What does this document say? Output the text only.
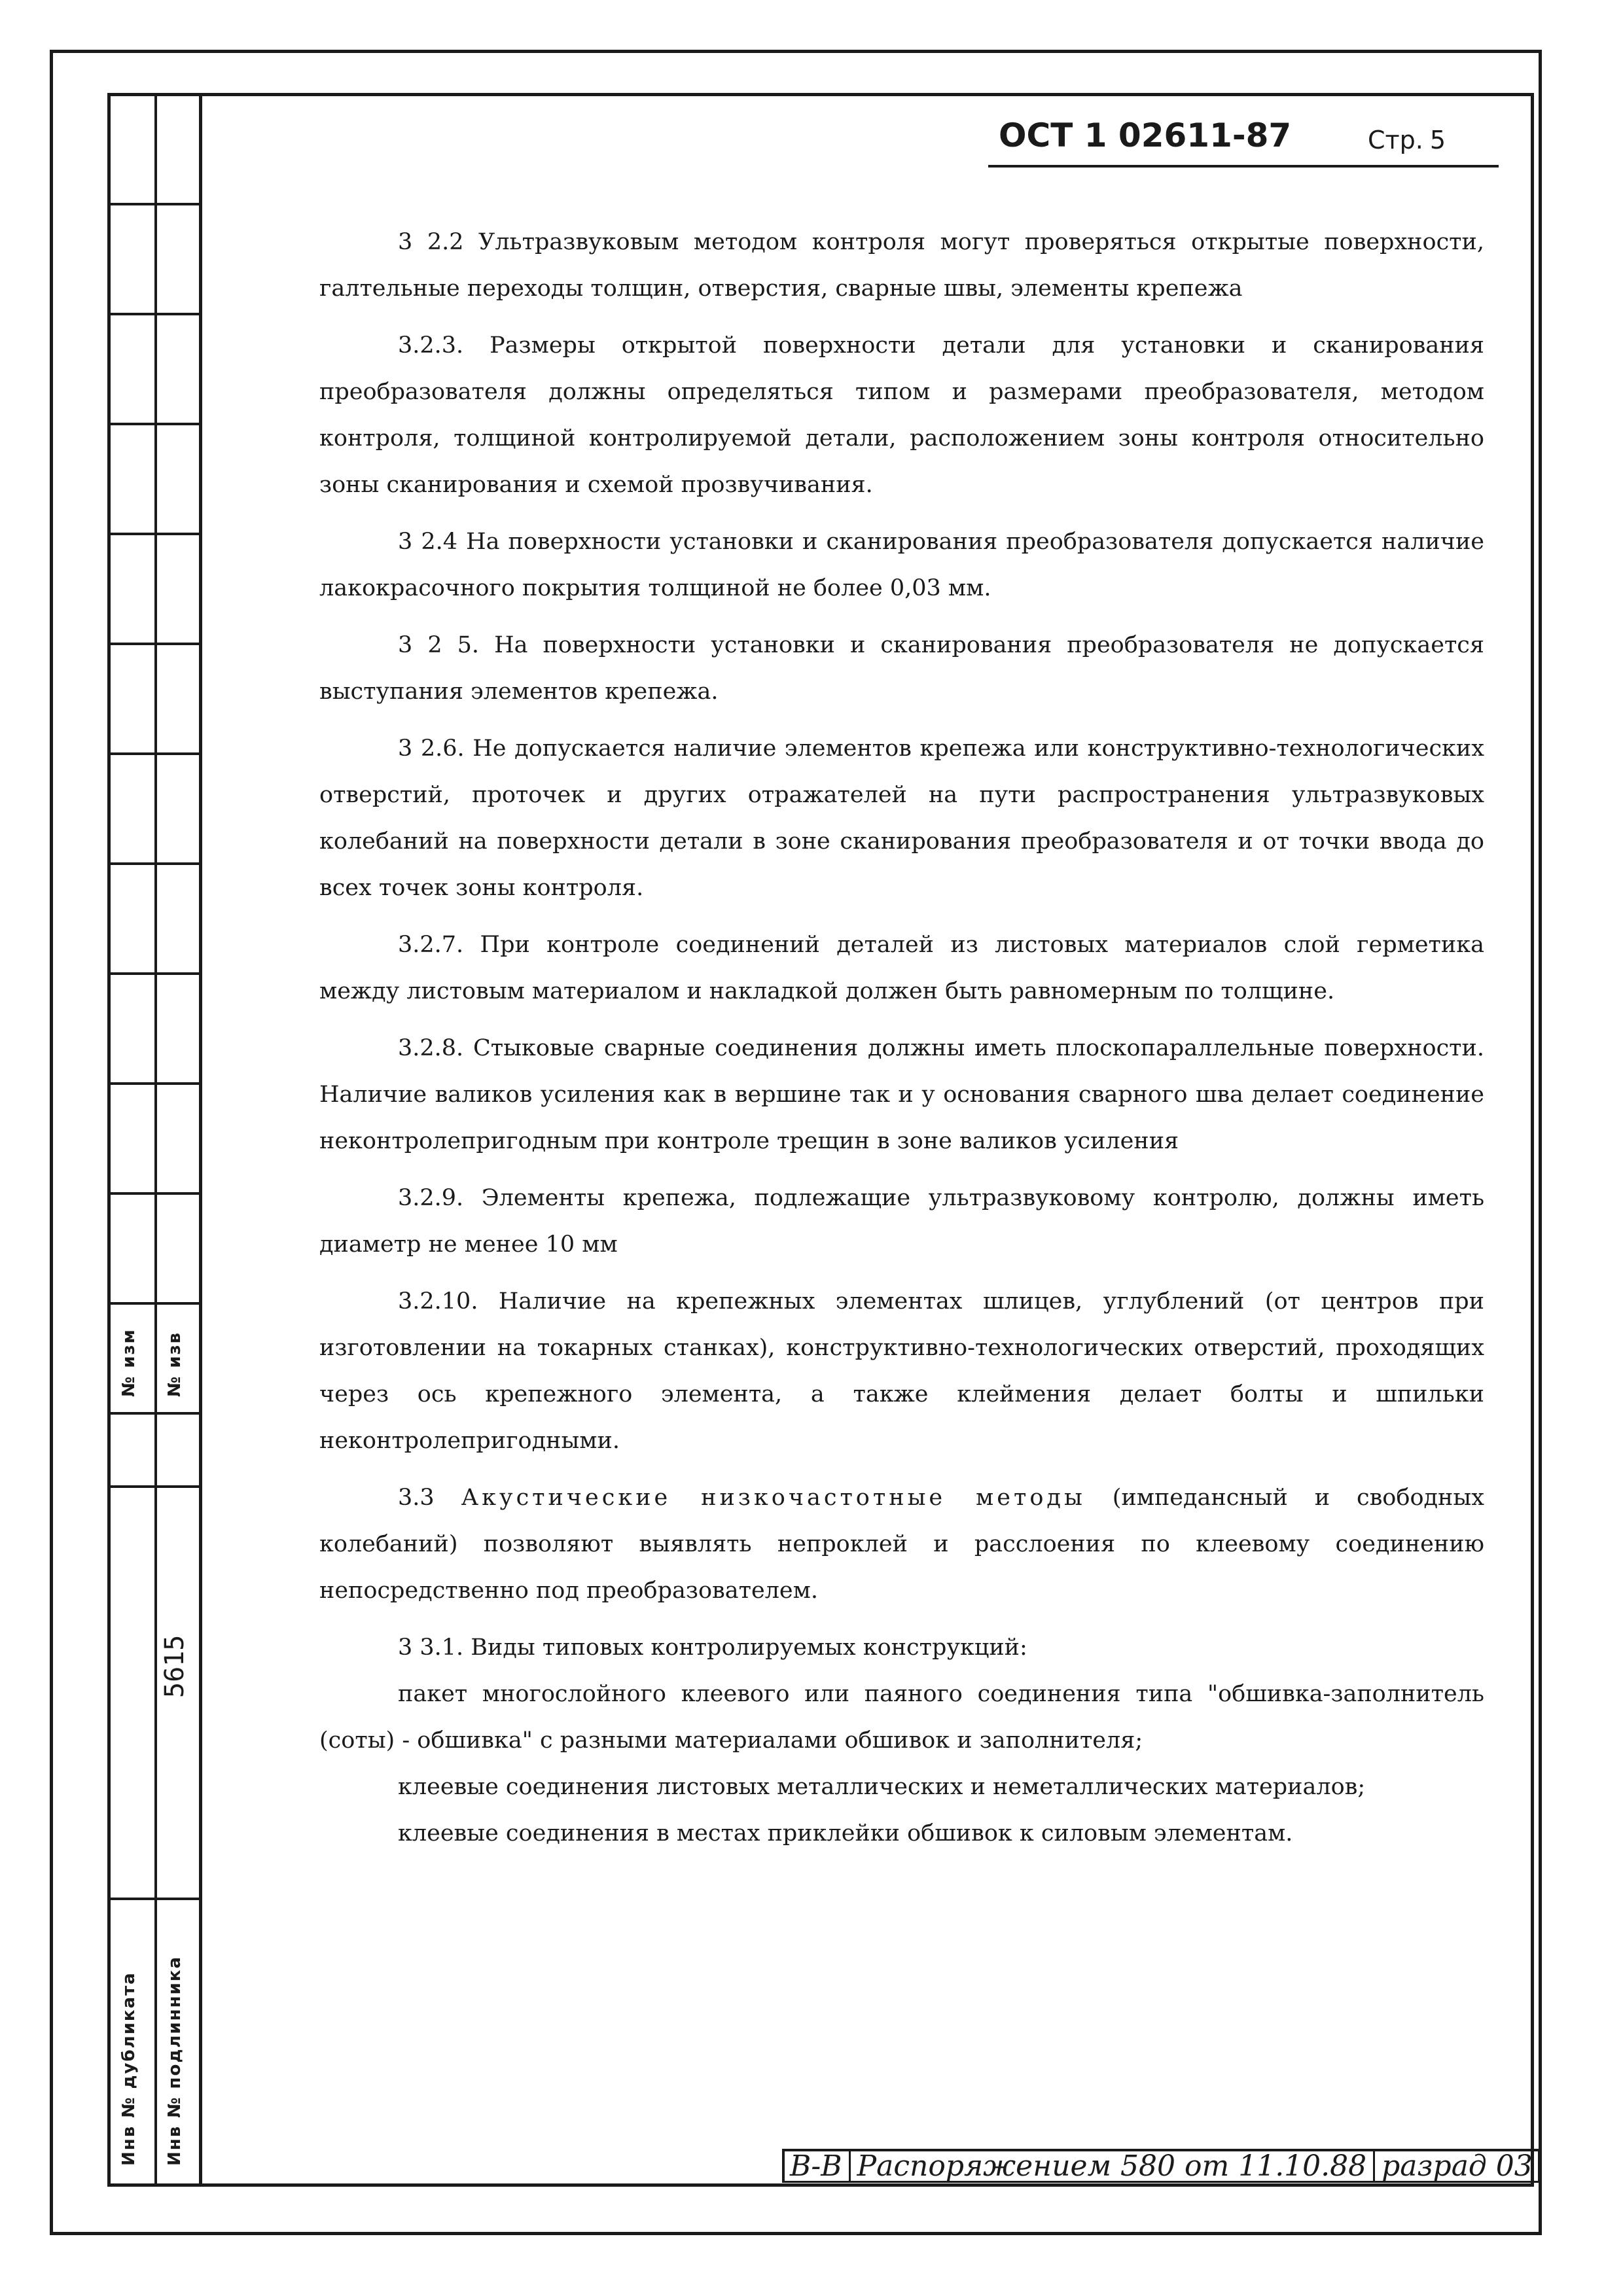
№ изм № изв
5615
Инв № дубликата Инв № подлинника
ОСТ 1 02611-87	Стр. 5

3 2.2 Ультразвуковым методом контроля могут проверяться открытые поверхности, галтельные переходы толщин, отверстия, сварные швы, элементы крепежа

3.2.3. Размеры открытой поверхности детали для установки и сканирования преобразователя должны определяться типом и размерами преобразователя, методом контроля, толщиной контролируемой детали, расположением зоны контроля относительно зоны сканирования и схемой прозвучивания.

3 2.4 На поверхности установки и сканирования преобразователя допускается наличие лакокрасочного покрытия толщиной не более 0,03 мм.

3 2 5. На поверхности установки и сканирования преобразователя не допускается выступания элементов крепежа.

3 2.6. Не допускается наличие элементов крепежа или конструктивно-технологических отверстий, проточек и других отражателей на пути распространения ультразвуковых колебаний на поверхности детали в зоне сканирования преобразователя и от точки ввода до всех точек зоны контроля.

3.2.7. При контроле соединений деталей из листовых материалов слой герметика между листовым материалом и накладкой должен быть равномерным по толщине.

3.2.8. Стыковые сварные соединения должны иметь плоскопараллельные поверхности. Наличие валиков усиления как в вершине так и у основания сварного шва делает соединение неконтролепригодным при контроле трещин в зоне валиков усиления

3.2.9. Элементы крепежа, подлежащие ультразвуковому контролю, должны иметь диаметр не менее 10 мм

3.2.10. Наличие на крепежных элементах шлицев, углублений (от центров при изготовлении на токарных станках), конструктивно-технологических отверстий, проходящих через ось крепежного элемента, а также клеймения делает болты и шпильки неконтролепригодными.

3.3 Акустические низкочастотные методы (импедансный и свободных колебаний) позволяют выявлять непроклей и расслоения по клеевому соединению непосредственно под преобразователем.

3 3.1. Виды типовых контролируемых конструкций:

пакет многослойного клеевого или паяного соединения типа "обшивка-заполнитель (соты) - обшивка" с разными материалами обшивок и заполнителя;

клеевые соединения листовых металлических и неметаллических материалов;

клеевые соединения в местах приклейки обшивок к силовым элементам.

В-В Распоряжением 580 от 11.10.88 разрад 03
